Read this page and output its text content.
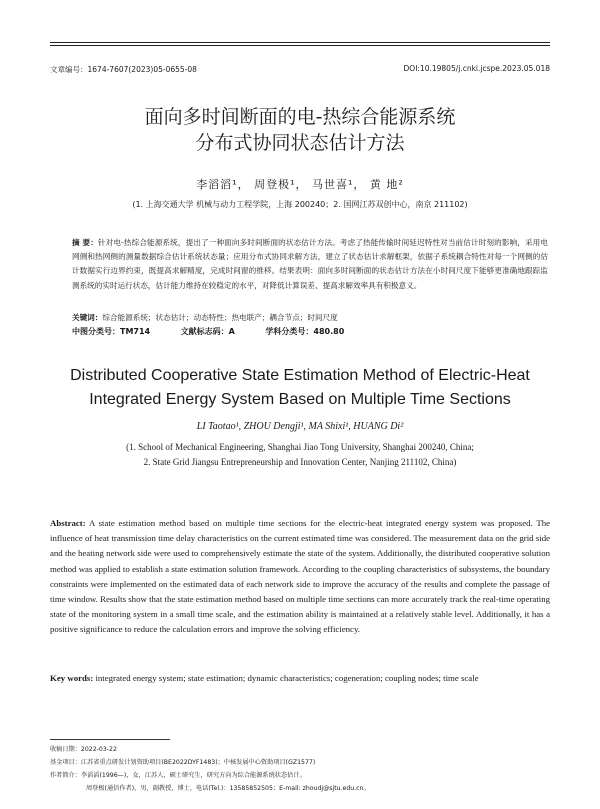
文章编号：1674-7607(2023)05-0655-08	DOI:10.19805/j.cnki.jcspe.2023.05.018
面向多时间断面的电-热综合能源系统
分布式协同状态估计方法
李滔滔¹， 周登极¹， 马世喜¹， 黄 地²
(1. 上海交通大学 机械与动力工程学院，上海 200240；2. 国网江苏双创中心，南京 211102)
摘 要：针对电-热综合能源系统，提出了一种面向多时间断面的状态估计方法。考虑了热能传输时间延迟特性对当前估计时刻的影响，采用电网侧和热网侧的测量数据综合估计系统状态量；应用分布式协同求解方法，建立了状态估计求解框架，依据子系统耦合特性对每一个网侧的估计数据实行边界约束，既提高求解精度，完成时间窗的推移。结果表明：面向多时间断面的状态估计方法在小时间尺度下能够更准确地跟踪监测系统的实时运行状态，估计能力维持在较稳定的水平，对降低计算误差、提高求解效率具有积极意义。
关键词：综合能源系统；状态估计；动态特性；热电联产；耦合节点；时间尺度
中图分类号：TM714	文献标志码：A	学科分类号：480.80
Distributed Cooperative State Estimation Method of Electric-Heat
Integrated Energy System Based on Multiple Time Sections
LI Taotao¹, ZHOU Dengji¹, MA Shixi¹, HUANG Di²
(1. School of Mechanical Engineering, Shanghai Jiao Tong University, Shanghai 200240, China;
2. State Grid Jiangsu Entrepreneurship and Innovation Center, Nanjing 211102, China)
Abstract: A state estimation method based on multiple time sections for the electric-heat integrated energy system was proposed. The influence of heat transmission time delay characteristics on the current estimated time was considered. The measurement data on the grid side and the heating network side were used to comprehensively estimate the state of the system. Additionally, the distributed cooperative solution method was applied to establish a state estimation solution framework. According to the coupling characteristics of subsystems, the boundary constraints were implemented on the estimated data of each network side to improve the accuracy of the results and complete the passage of time window. Results show that the state estimation method based on multiple time sections can more accurately track the real-time operating state of the monitoring system in a small time scale, and the estimation ability is maintained at a relatively stable level. Additionally, it has a positive significance to reduce the calculation errors and improve the solving efficiency.
Key words: integrated energy system; state estimation; dynamic characteristics; cogeneration; coupling nodes; time scale
收稿日期：2022-03-22
基金项目：江苏省重点研发计划资助项目(BE2022DYF1483)；中核发展中心资助项目(GZ1577)
作者简介：李滔滔(1996—)，女，江苏人，硕士研究生，研究方向为综合能源系统状态估计。
周登极(通信作者)，男，副教授，博士，电话(Tel.)：13585852505；E-mail: zhoudj@sjtu.edu.cn。
